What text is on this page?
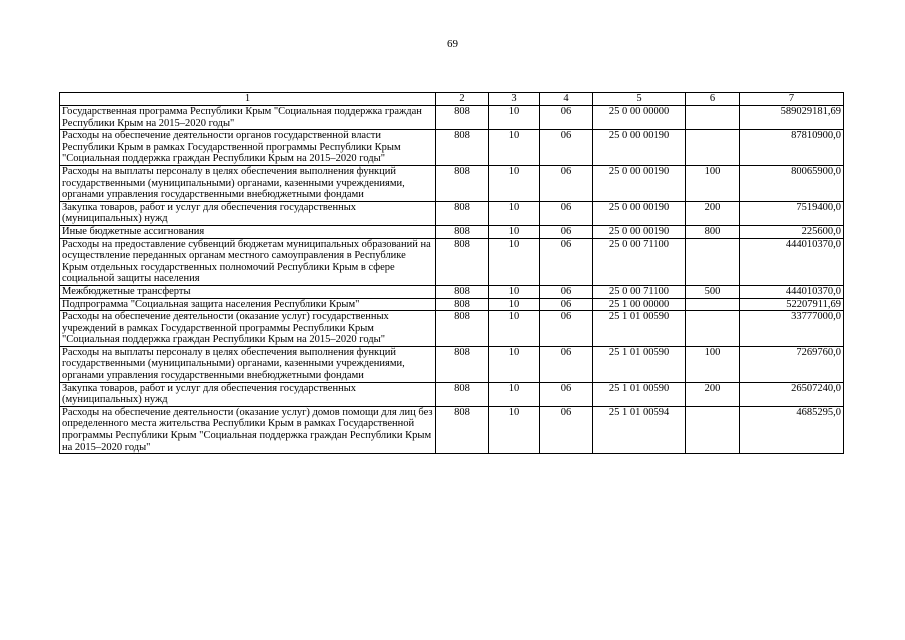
69
1	2	3	4	5	6	7
Государственная программа Республики Крым "Социальная поддержка граждан Республики Крым на 2015–2020 годы"	808	10	06	25 0 00 00000		589029181,69
Расходы на обеспечение деятельности органов государственной власти Республики Крым в рамках Государственной программы Республики Крым "Социальная поддержка граждан Республики Крым на 2015–2020 годы"	808	10	06	25 0 00 00190		87810900,0
Расходы на выплаты персоналу в целях обеспечения выполнения функций государственными (муниципальными) органами, казенными учреждениями, органами управления государственными внебюджетными фондами	808	10	06	25 0 00 00190	100	80065900,0
Закупка товаров, работ и услуг для обеспечения государственных (муниципальных) нужд	808	10	06	25 0 00 00190	200	7519400,0
Иные бюджетные ассигнования	808	10	06	25 0 00 00190	800	225600,0
Расходы на предоставление субвенций бюджетам муниципальных образований на осуществление переданных органам местного самоуправления в Республике Крым отдельных государственных полномочий Республики Крым в сфере социальной защиты населения	808	10	06	25 0 00 71100		444010370,0
Межбюджетные трансферты	808	10	06	25 0 00 71100	500	444010370,0
Подпрограмма "Социальная защита населения Республики Крым"	808	10	06	25 1 00 00000		52207911,69
Расходы на обеспечение деятельности (оказание услуг) государственных учреждений в рамках Государственной программы Республики Крым "Социальная поддержка граждан Республики Крым на 2015–2020 годы"	808	10	06	25 1 01 00590		33777000,0
Расходы на выплаты персоналу в целях обеспечения выполнения функций государственными (муниципальными) органами, казенными учреждениями, органами управления государственными внебюджетными фондами	808	10	06	25 1 01 00590	100	7269760,0
Закупка товаров, работ и услуг для обеспечения государственных (муниципальных) нужд	808	10	06	25 1 01 00590	200	26507240,0
Расходы на обеспечение деятельности (оказание услуг) домов помощи для лиц без определенного места жительства Республики Крым в рамках Государственной программы Республики Крым "Социальная поддержка граждан Республики Крым на 2015–2020 годы"	808	10	06	25 1 01 00594		4685295,0
